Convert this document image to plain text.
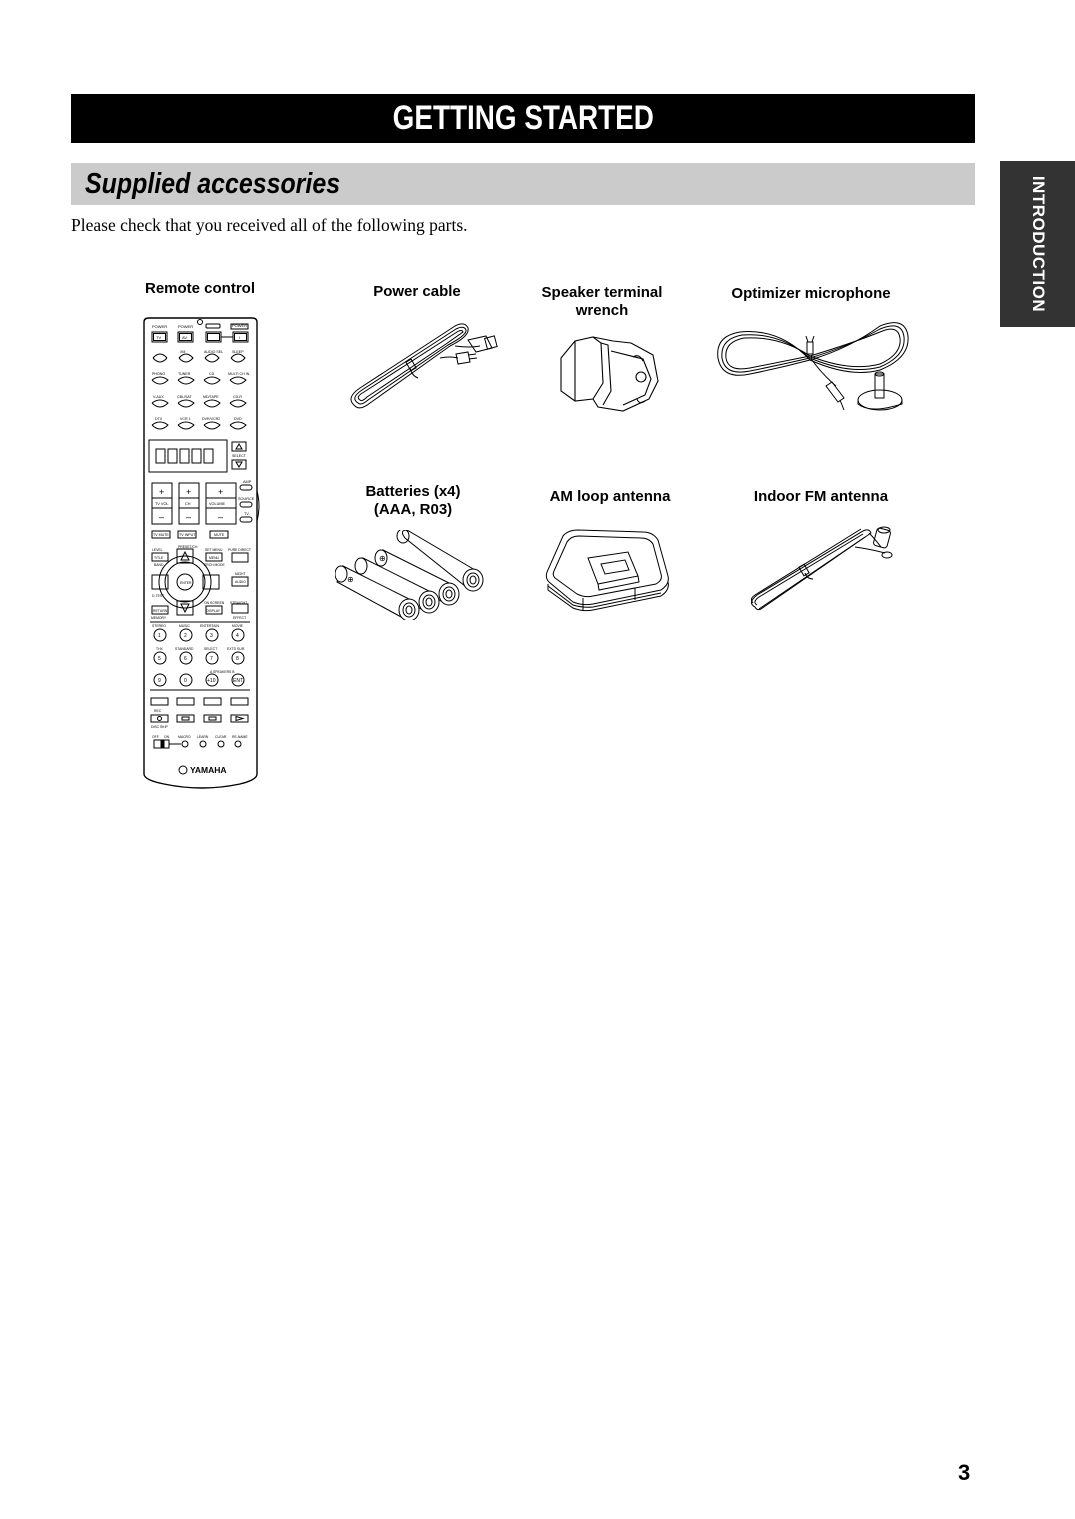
GETTING STARTED
Supplied accessories
Please check that you received all of the following parts.	INTRODUCTION
Remote control	Power cable	Speaker terminal
wrench
Optimizer microphone
Batteries (x4)
(AAA, R03)
AM loop antenna	Indoor FM antenna
POWER	POWER	POWER
TV	AV	I
XM	AUDIO SEL SLEEP
PHONO	TUNER	CD	MULTI CH IN
V-AUX	CBL/SAT	MD/TAPE	CD-R
DTV	VCR 1	DVR/VCR2	DVD
SELECT
+ +	+
– –	–
TV VOL	CH	VOLUME
AMP
SOURCE
TV
TV MUTE	TV INPUT	MUTE
LEVEL
TITLE
BAND
PRESET/CH
SET MENU
MENU
SRCH MODE
PURE DIRECT
ENTER
NIGHT
AUDIO
D-TEST
ON SCREEN
DISPLAY
STRAIGHT
RETURN
MEMORY	EFFECT
STEREO	MUSIC	ENTERTAIN	MOVIE
THX	STANDARD	SELECT	EXTD SUR.
A SPEAKERS B
1	2	3	4
5	6	7	8
9	0	+10	ENT.
REC
DISC SKIP
OFF ON	MACRO LEARN CLEAR RE-NAME
YAMAHA
⊕
⊕
3
